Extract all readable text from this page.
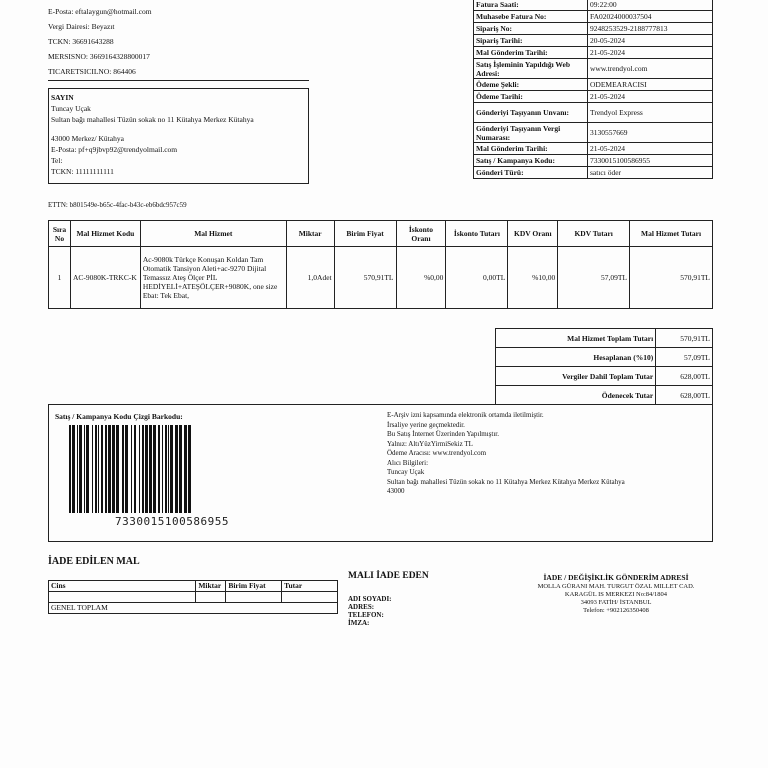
E-Posta: eftalaygun@hotmail.com
Vergi Dairesi: Beyazıt
TCKN: 36691643288
MERSISNO: 3669164328800017
TICARETSICILNO: 864406
SAYIN
Tuncay Uçak
Sultan bağı mahallesi Tüzün sokak no 11 Kütahya Merkez Kütahya
43000 Merkez/ Kütahya
E-Posta: pf+q9jbvp92@trendyolmail.com
Tel:
TCKN: 11111111111
ETTN: b801549e-b65c-4fac-b43c-eb6bdc957c59
Fatura Saati:	09:22:00
Muhasebe Fatura No:	FA02024000037504
Sipariş No:	9248253529-2188777813
Sipariş Tarihi:	20-05-2024
Mal Gönderim Tarihi:	21-05-2024
Satış İşleminin Yapıldığı Web Adresi:	www.trendyol.com
Ödeme Şekli:	ODEMEARACISI
Ödeme Tarihi:	21-05-2024
Gönderiyi Taşıyanın Unvanı:	Trendyol Express
Gönderiyi Taşıyanın Vergi Numarası:	3130557669
Mal Gönderim Tarihi:	21-05-2024
Satış / Kampanya Kodu:	7330015100586955
Gönderi Türü:	satıcı öder
Sıra No	Mal Hizmet Kodu	Mal Hizmet	Miktar	Birim Fiyat	İskonto Oranı	İskonto Tutarı	KDV Oranı	KDV Tutarı	Mal Hizmet Tutarı
1	AC-9080K-TRKC-K	Ac-9080k Türkçe Konuşan Koldan Tam Otomatik Tansiyon Aleti+ac-9270 Dijital Temassız Ateş Ölçer PİL HEDİYELİ+ATEŞÖLÇER+9080K, one size Ebat: Tek Ebat,	1,0Adet	570,91TL	%0,00	0,00TL	%10,00	57,09TL	570,91TL
Mal Hizmet Toplam Tutarı	570,91TL
Hesaplanan (%10)	57,09TL
Vergiler Dahil Toplam Tutar	628,00TL
Ödenecek Tutar	628,00TL
Satış / Kampanya Kodu Çizgi Barkodu:
7330015100586955
E-Arşiv izni kapsamında elektronik ortamda iletilmiştir.
İrsaliye yerine geçmektedir.
Bu Satış İnternet Üzerinden Yapılmıştır.
Yalnız: AltıYüzYirmiSekiz TL
Ödeme Aracısı: www.trendyol.com
Alıcı Bilgileri:
Tuncay Uçak
Sultan bağı mahallesi Tüzün sokak no 11 Kütahya Merkez Kütahya Merkez Kütahya
43000
İADE EDİLEN MAL
Cins	Miktar	Birim Fiyat	Tutar

GENEL TOPLAM			
MALI İADE EDEN
ADI SOYADI:
ADRES:
TELEFON:
İMZA:
İADE / DEĞİŞİKLİK GÖNDERİM ADRESİ
MOLLA GÜRANI MAH. TURGUT ÖZAL MILLET CAD.
KARAGÜL IS MERKEZI No:84/1804
34093 FATİH/ İSTANBUL
Telefon: +902126350408
